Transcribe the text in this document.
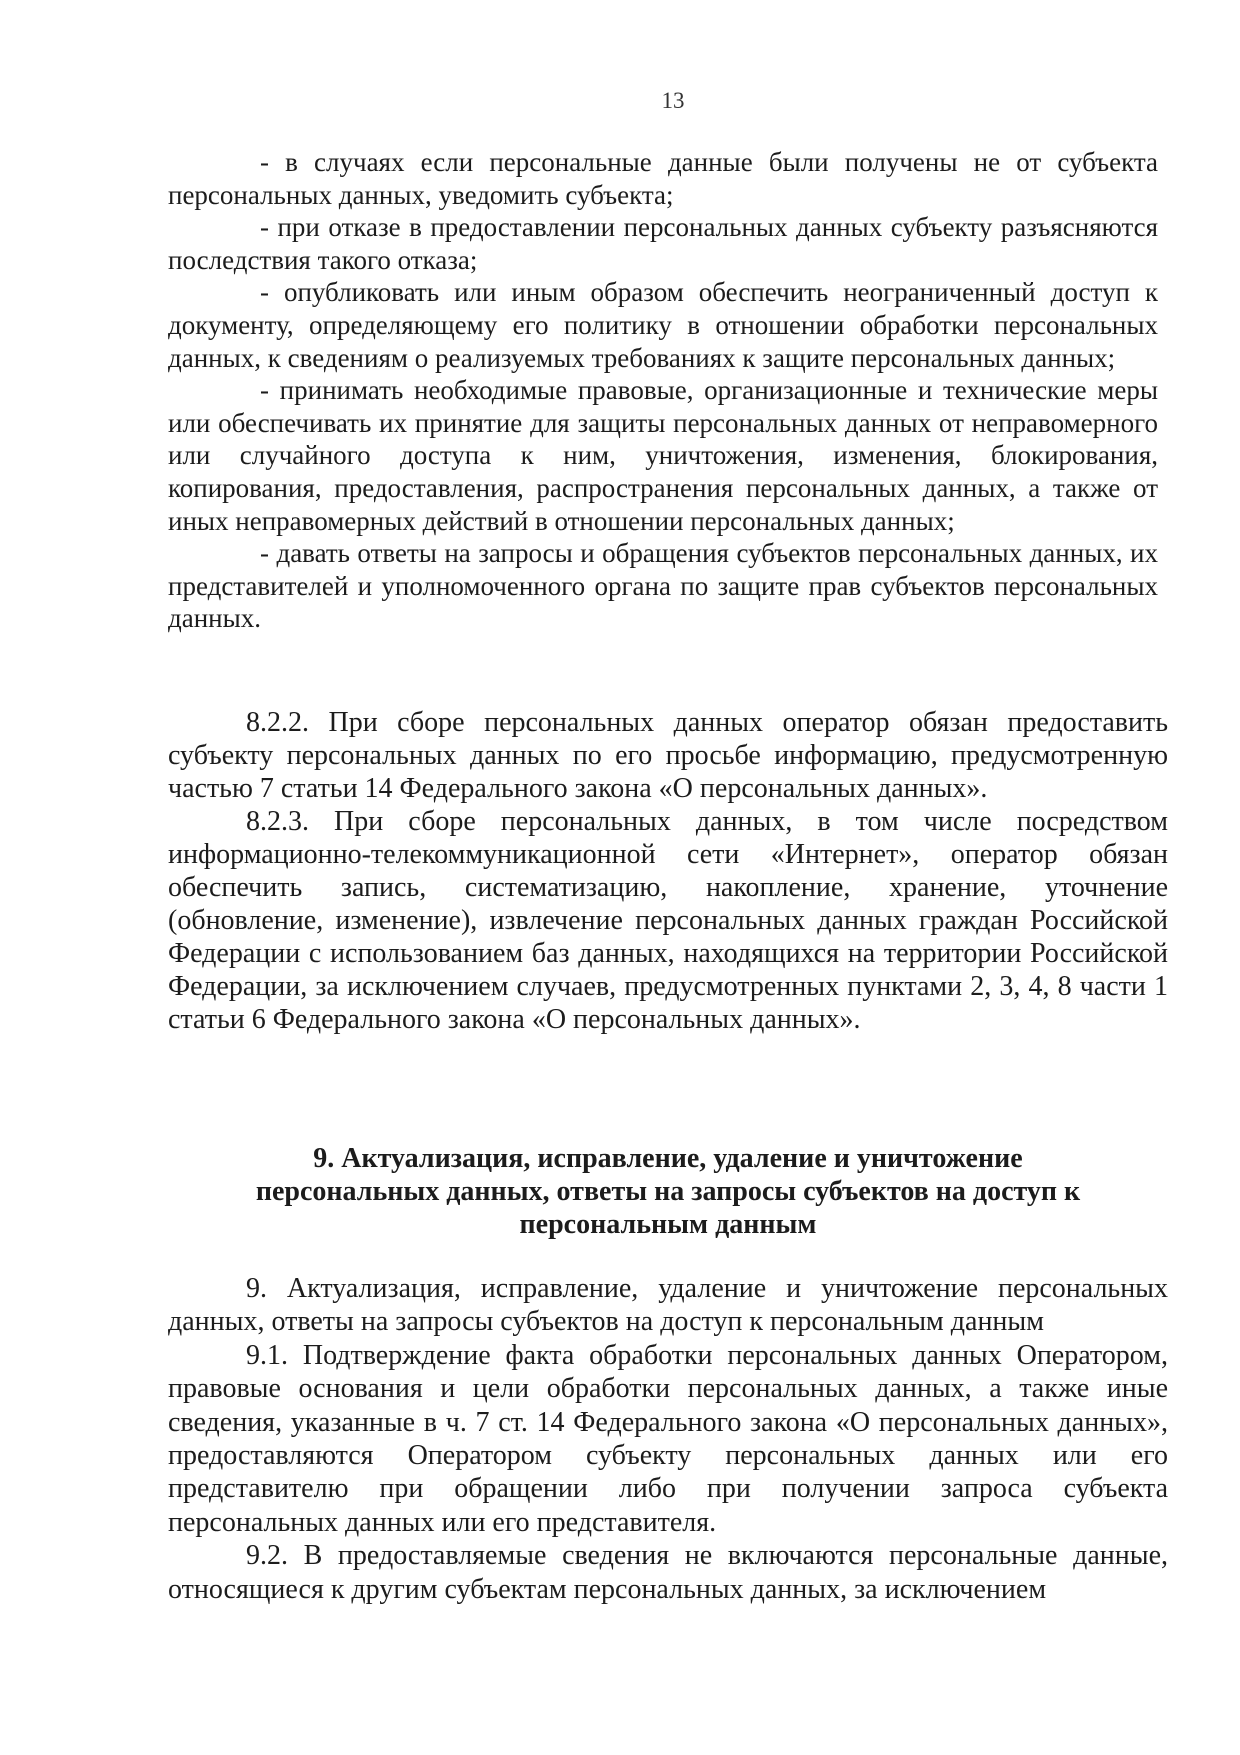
13

- в случаях если персональные данные были получены не от субъекта персональных данных, уведомить субъекта;

- при отказе в предоставлении персональных данных субъекту разъясняются последствия такого отказа;

- опубликовать или иным образом обеспечить неограниченный доступ к документу, определяющему его политику в отношении обработки персональных данных, к сведениям о реализуемых требованиях к защите персональных данных;

- принимать необходимые правовые, организационные и технические меры или обеспечивать их принятие для защиты персональных данных от неправомерного или случайного доступа к ним, уничтожения, изменения, блокирования, копирования, предоставления, распространения персональных данных, а также от иных неправомерных действий в отношении персональных данных;

- давать ответы на запросы и обращения субъектов персональных данных, их представителей и уполномоченного органа по защите прав субъектов персональных данных.

8.2.2. При сборе персональных данных оператор обязан предоставить субъекту персональных данных по его просьбе информацию, предусмотренную частью 7 статьи 14 Федерального закона «О персональных данных».

8.2.3. При сборе персональных данных, в том числе посредством информационно-телекоммуникационной сети «Интернет», оператор обязан обеспечить запись, систематизацию, накопление, хранение, уточнение (обновление, изменение), извлечение персональных данных граждан Российской Федерации с использованием баз данных, находящихся на территории Российской Федерации, за исключением случаев, предусмотренных пунктами 2, 3, 4, 8 части 1 статьи 6 Федерального закона «О персональных данных».

9. Актуализация, исправление, удаление и уничтожение
персональных данных, ответы на запросы субъектов на доступ к
персональным данным

9. Актуализация, исправление, удаление и уничтожение персональных данных, ответы на запросы субъектов на доступ к персональным данным

9.1. Подтверждение факта обработки персональных данных Оператором, правовые основания и цели обработки персональных данных, а также иные сведения, указанные в ч. 7 ст. 14 Федерального закона «О персональных данных», предоставляются Оператором субъекту персональных данных или его представителю при обращении либо при получении запроса субъекта персональных данных или его представителя.

9.2. В предоставляемые сведения не включаются персональные данные, относящиеся к другим субъектам персональных данных, за исключением
